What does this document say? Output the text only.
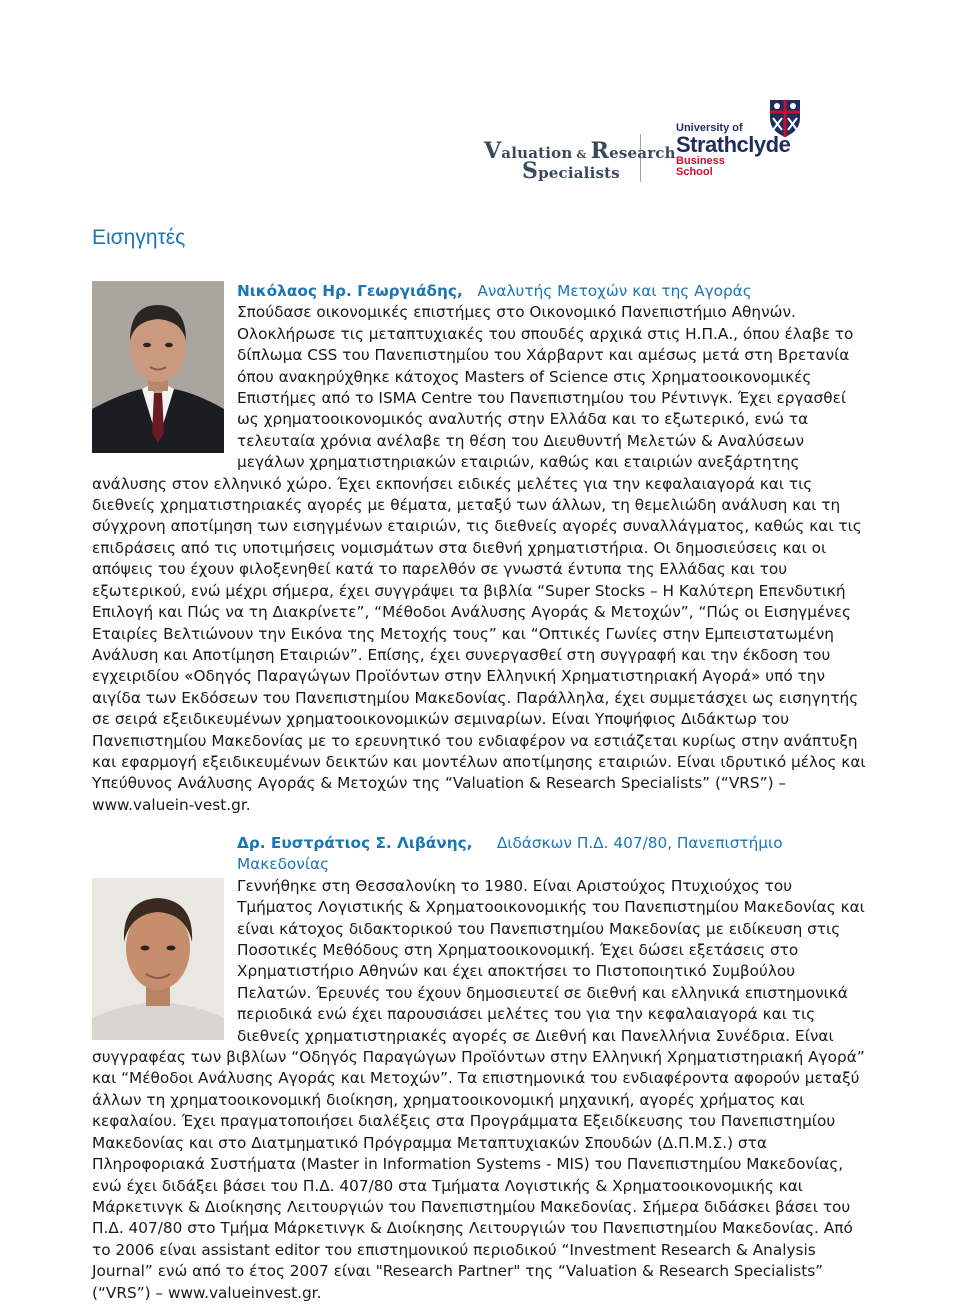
Valuation & Research
Specialists
University of
Strathclyde
Business
School
Εισηγητές
Νικόλαος Ηρ. Γεωργιάδης, Αναλυτής Μετοχών και της Αγοράς

Σπούδασε οικονομικές επιστήμες στο Οικονομικό Πανεπιστήμιο Αθηνών. Ολοκλήρωσε τις μεταπτυχιακές του σπουδές αρχικά στις Η.Π.Α., όπου έλαβε το δίπλωμα CSS του Πανεπιστημίου του Χάρβαρντ και αμέσως μετά στη Βρετανία όπου ανακηρύχθηκε κάτοχος Masters of Science στις Χρηματοοικονομικές Επιστήμες από το ISMA Centre του Πανεπιστημίου του Ρέντινγκ. Έχει εργασθεί ως χρηματοοικονομικός αναλυτής στην Ελλάδα και το εξωτερικό, ενώ τα τελευταία χρόνια ανέλαβε τη θέση του Διευθυντή Μελετών & Αναλύσεων μεγάλων χρηματιστηριακών εταιριών, καθώς και εταιριών ανεξάρτητης ανάλυσης στον ελληνικό χώρο. Έχει εκπονήσει ειδικές μελέτες για την κεφαλαιαγορά και τις διεθνείς χρηματιστηριακές αγορές με θέματα, μεταξύ των άλλων, τη θεμελιώδη ανάλυση και τη σύγχρονη αποτίμηση των εισηγμένων εταιριών, τις διεθνείς αγορές συναλλάγματος, καθώς και τις επιδράσεις από τις υποτιμήσεις νομισμάτων στα διεθνή χρηματιστήρια. Οι δημοσιεύσεις και οι απόψεις του έχουν φιλοξενηθεί κατά το παρελθόν σε γνωστά έντυπα της Ελλάδας και του εξωτερικού, ενώ μέχρι σήμερα, έχει συγγράψει τα βιβλία “Super Stocks – Η Καλύτερη Επενδυτική Επιλογή και Πώς να τη Διακρίνετε”, “Μέθοδοι Ανάλυσης Αγοράς & Μετοχών”, “Πώς οι Εισηγμένες Εταιρίες Βελτιώνουν την Εικόνα της Μετοχής τους” και “Οπτικές Γωνίες στην Εμπειστατωμένη Ανάλυση και Αποτίμηση Εταιριών”. Επίσης, έχει συνεργασθεί στη συγγραφή και την έκδοση του εγχειριδίου «Οδηγός Παραγώγων Προϊόντων στην Ελληνική Χρηματιστηριακή Αγορά» υπό την αιγίδα των Εκδόσεων του Πανεπιστημίου Μακεδονίας. Παράλληλα, έχει συμμετάσχει ως εισηγητής σε σειρά εξειδικευμένων χρηματοοικονομικών σεμιναρίων. Είναι Υποψήφιος Διδάκτωρ του Πανεπιστημίου Μακεδονίας με το ερευνητικό του ενδιαφέρον να εστιάζεται κυρίως στην ανάπτυξη και εφαρμογή εξειδικευμένων δεικτών και μοντέλων αποτίμησης εταιριών. Είναι ιδρυτικό μέλος και Υπεύθυνος Ανάλυσης Αγοράς & Μετοχών της “Valuation & Research Specialists” (“VRS”) – www.valuein-vest.gr.

Δρ. Ευστράτιος Σ. Λιβάνης, Διδάσκων Π.Δ. 407/80, Πανεπιστήμιο Μακεδονίας

Γεννήθηκε στη Θεσσαλονίκη το 1980. Είναι Αριστούχος Πτυχιούχος του Τμήματος Λογιστικής & Χρηματοοικονομικής του Πανεπιστημίου Μακεδονίας και είναι κάτοχος διδακτορικού του Πανεπιστημίου Μακεδονίας με ειδίκευση στις Ποσοτικές Μεθόδους στη Χρηματοοικονομική. Έχει δώσει εξετάσεις στο Χρηματιστήριο Αθηνών και έχει αποκτήσει το Πιστοποιητικό Συμβούλου Πελατών. Έρευνές του έχουν δημοσιευτεί σε διεθνή και ελληνικά επιστημονικά περιοδικά ενώ έχει παρουσιάσει μελέτες του για την κεφαλαιαγορά και τις διεθνείς χρηματιστηριακές αγορές σε Διεθνή και Πανελλήνια Συνέδρια. Είναι συγγραφέας των βιβλίων “Οδηγός Παραγώγων Προϊόντων στην Ελληνική Χρηματιστηριακή Αγορά” και “Μέθοδοι Ανάλυσης Αγοράς και Μετοχών”. Τα επιστημονικά του ενδιαφέροντα αφορούν μεταξύ άλλων τη χρηματοοικονομική διοίκηση, χρηματοοικονομική μηχανική, αγορές χρήματος και κεφαλαίου. Έχει πραγματοποιήσει διαλέξεις στα Προγράμματα Εξειδίκευσης του Πανεπιστημίου Μακεδονίας και στο Διατμηματικό Πρόγραμμα Μεταπτυχιακών Σπουδών (Δ.Π.Μ.Σ.) στα Πληροφοριακά Συστήματα (Master in Information Systems - MIS) του Πανεπιστημίου Μακεδονίας, ενώ έχει διδάξει βάσει του Π.Δ. 407/80 στα Τμήματα Λογιστικής & Χρηματοοικονομικής και Μάρκετινγκ & Διοίκησης Λειτουργιών του Πανεπιστημίου Μακεδονίας. Σήμερα διδάσκει βάσει του Π.Δ. 407/80 στο Τμήμα Μάρκετινγκ & Διοίκησης Λειτουργιών του Πανεπιστημίου Μακεδονίας. Από το 2006 είναι assistant editor του επιστημονικού περιοδικού “Investment Research & Analysis Journal” ενώ από το έτος 2007 είναι "Research Partner" της “Valuation & Research Specialists” (“VRS”) – www.valueinvest.gr.
